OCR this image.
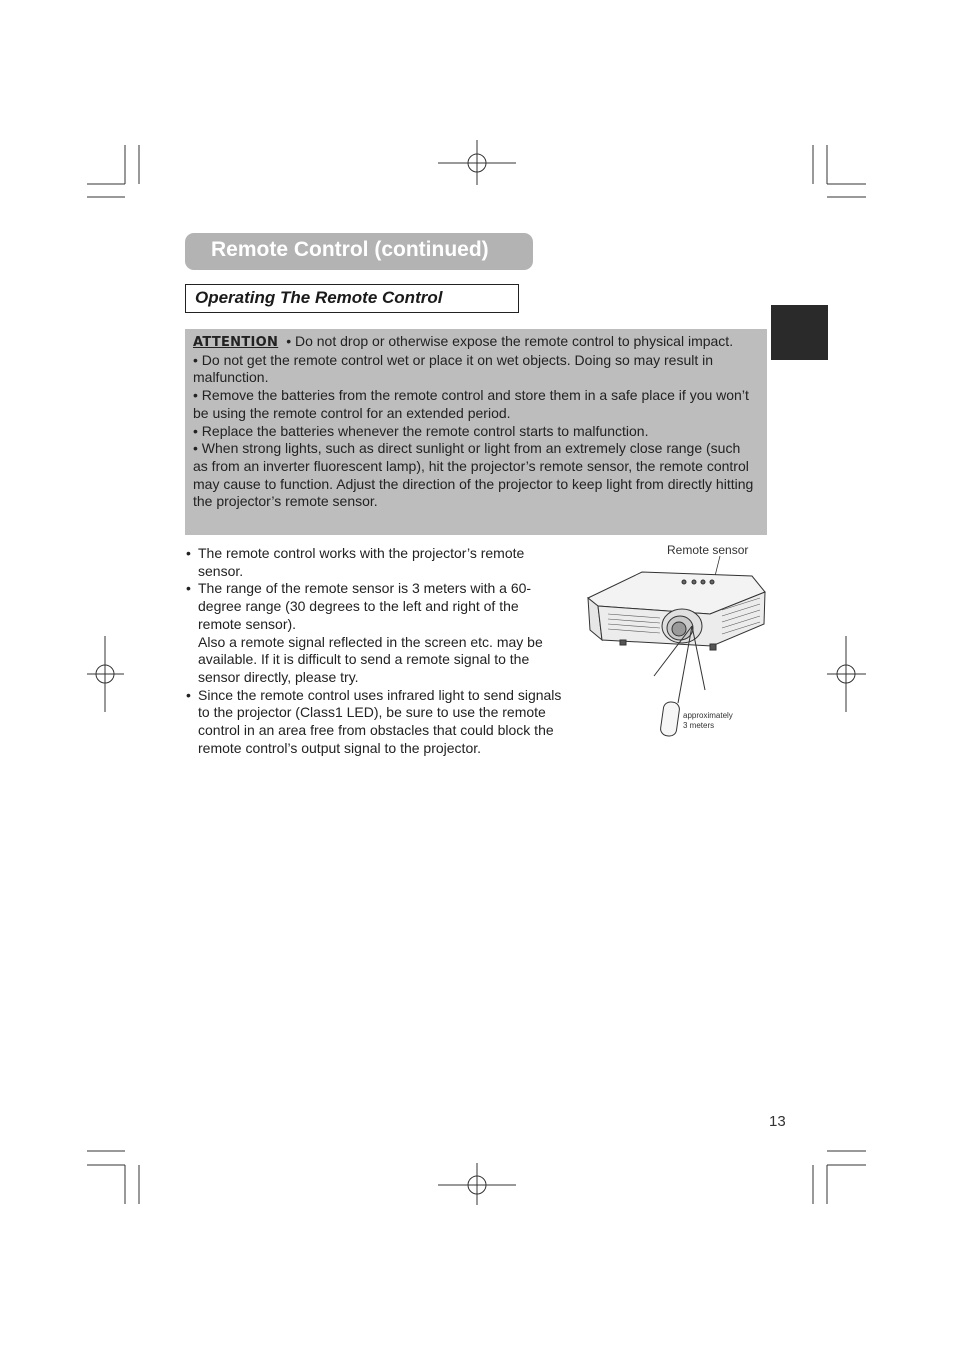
Remote Control (continued)
Operating The Remote Control

ATTENTION • Do not drop or otherwise expose the remote control to physical impact.

• Do not get the remote control wet or place it on wet objects. Doing so may result in malfunction.

• Remove the batteries from the remote control and store them in a safe place if you won’t be using the remote control for an extended period.

• Replace the batteries whenever the remote control starts to malfunction.

• When strong lights, such as direct sunlight or light from an extremely close range (such as from an inverter fluorescent lamp), hit the projector’s remote sensor, the remote control may cause to function. Adjust the direction of the projector to keep light from directly hitting the projector’s remote sensor.

• The remote control works with the projector’s remote sensor.
• The range of the remote sensor is 3 meters with a 60-degree range (30 degrees to the left and right of the remote sensor).
Also a remote signal reflected in the screen etc. may be available. If it is difficult to send a remote signal to the sensor directly, please try.
• Since the remote control uses infrared light to send signals to the projector (Class1 LED), be sure to use the remote control in an area free from obstacles that could block the remote control’s output signal to the projector.
Remote sensor
approximately
3 meters
13
